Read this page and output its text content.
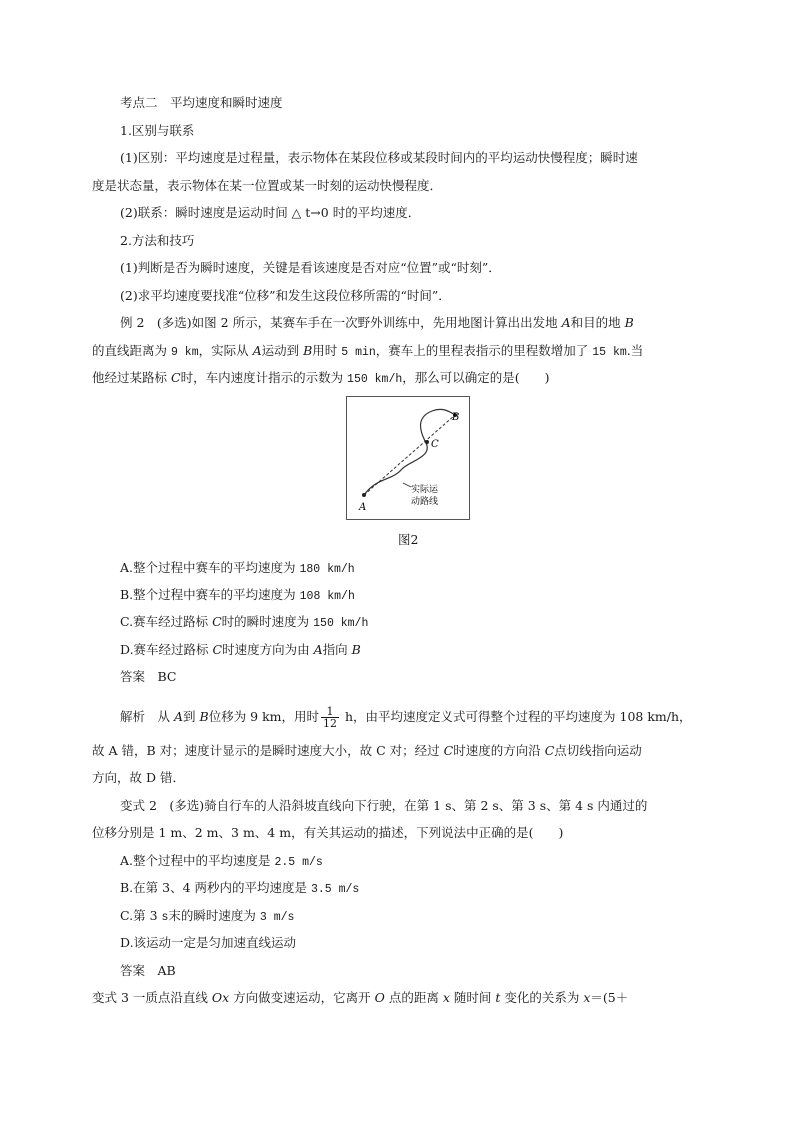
考点二　平均速度和瞬时速度
1.区别与联系
(1)区别：平均速度是过程量，表示物体在某段位移或某段时间内的平均运动快慢程度；瞬时速
度是状态量，表示物体在某一位置或某一时刻的运动快慢程度．
(2)联系：瞬时速度是运动时间 △ t→0 时的平均速度．
2.方法和技巧
(1)判断是否为瞬时速度，关键是看该速度是否对应“位置”或“时刻”．
(2)求平均速度要找准“位移”和发生这段位移所需的“时间”．
例 2　(多选)如图 2 所示，某赛车手在一次野外训练中，先用地图计算出出发地 A和目的地 B
的直线距离为 9 km，实际从 A运动到 B用时 5 min，赛车上的里程表指示的里程数增加了 15 km.当
他经过某路标 C时，车内速度计指示的示数为 150 km/h，那么可以确定的是(　　)
A
C
B
实际运
动路线
图2
A.整个过程中赛车的平均速度为 180 km/h
B.整个过程中赛车的平均速度为 108 km/h
C.赛车经过路标 C时的瞬时速度为 150 km/h
D.赛车经过路标 C时速度方向为由 A指向 B
答案　BC
解析　从 A到 B位移为 9 km，用时 $\frac{1}{12}$ h，由平均速度定义式可得整个过程的平均速度为 108 km/h，
故 A 错，B 对；速度计显示的是瞬时速度大小，故 C 对；经过 C时速度的方向沿 C点切线指向运动
方向，故 D 错．
变式 2　(多选)骑自行车的人沿斜坡直线向下行驶，在第 1 s、第 2 s、第 3 s、第 4 s 内通过的
位移分别是 1 m、2 m、3 m、4 m，有关其运动的描述，下列说法中正确的是(　　)
A.整个过程中的平均速度是 2.5 m/s
B.在第 3、4 两秒内的平均速度是 3.5 m/s
C.第 3 s末的瞬时速度为 3 m/s
D.该运动一定是匀加速直线运动
答案　AB
变式 3 一质点沿直线 Ox 方向做变速运动，它离开 O 点的距离 x 随时间 t 变化的关系为 x＝(5＋
